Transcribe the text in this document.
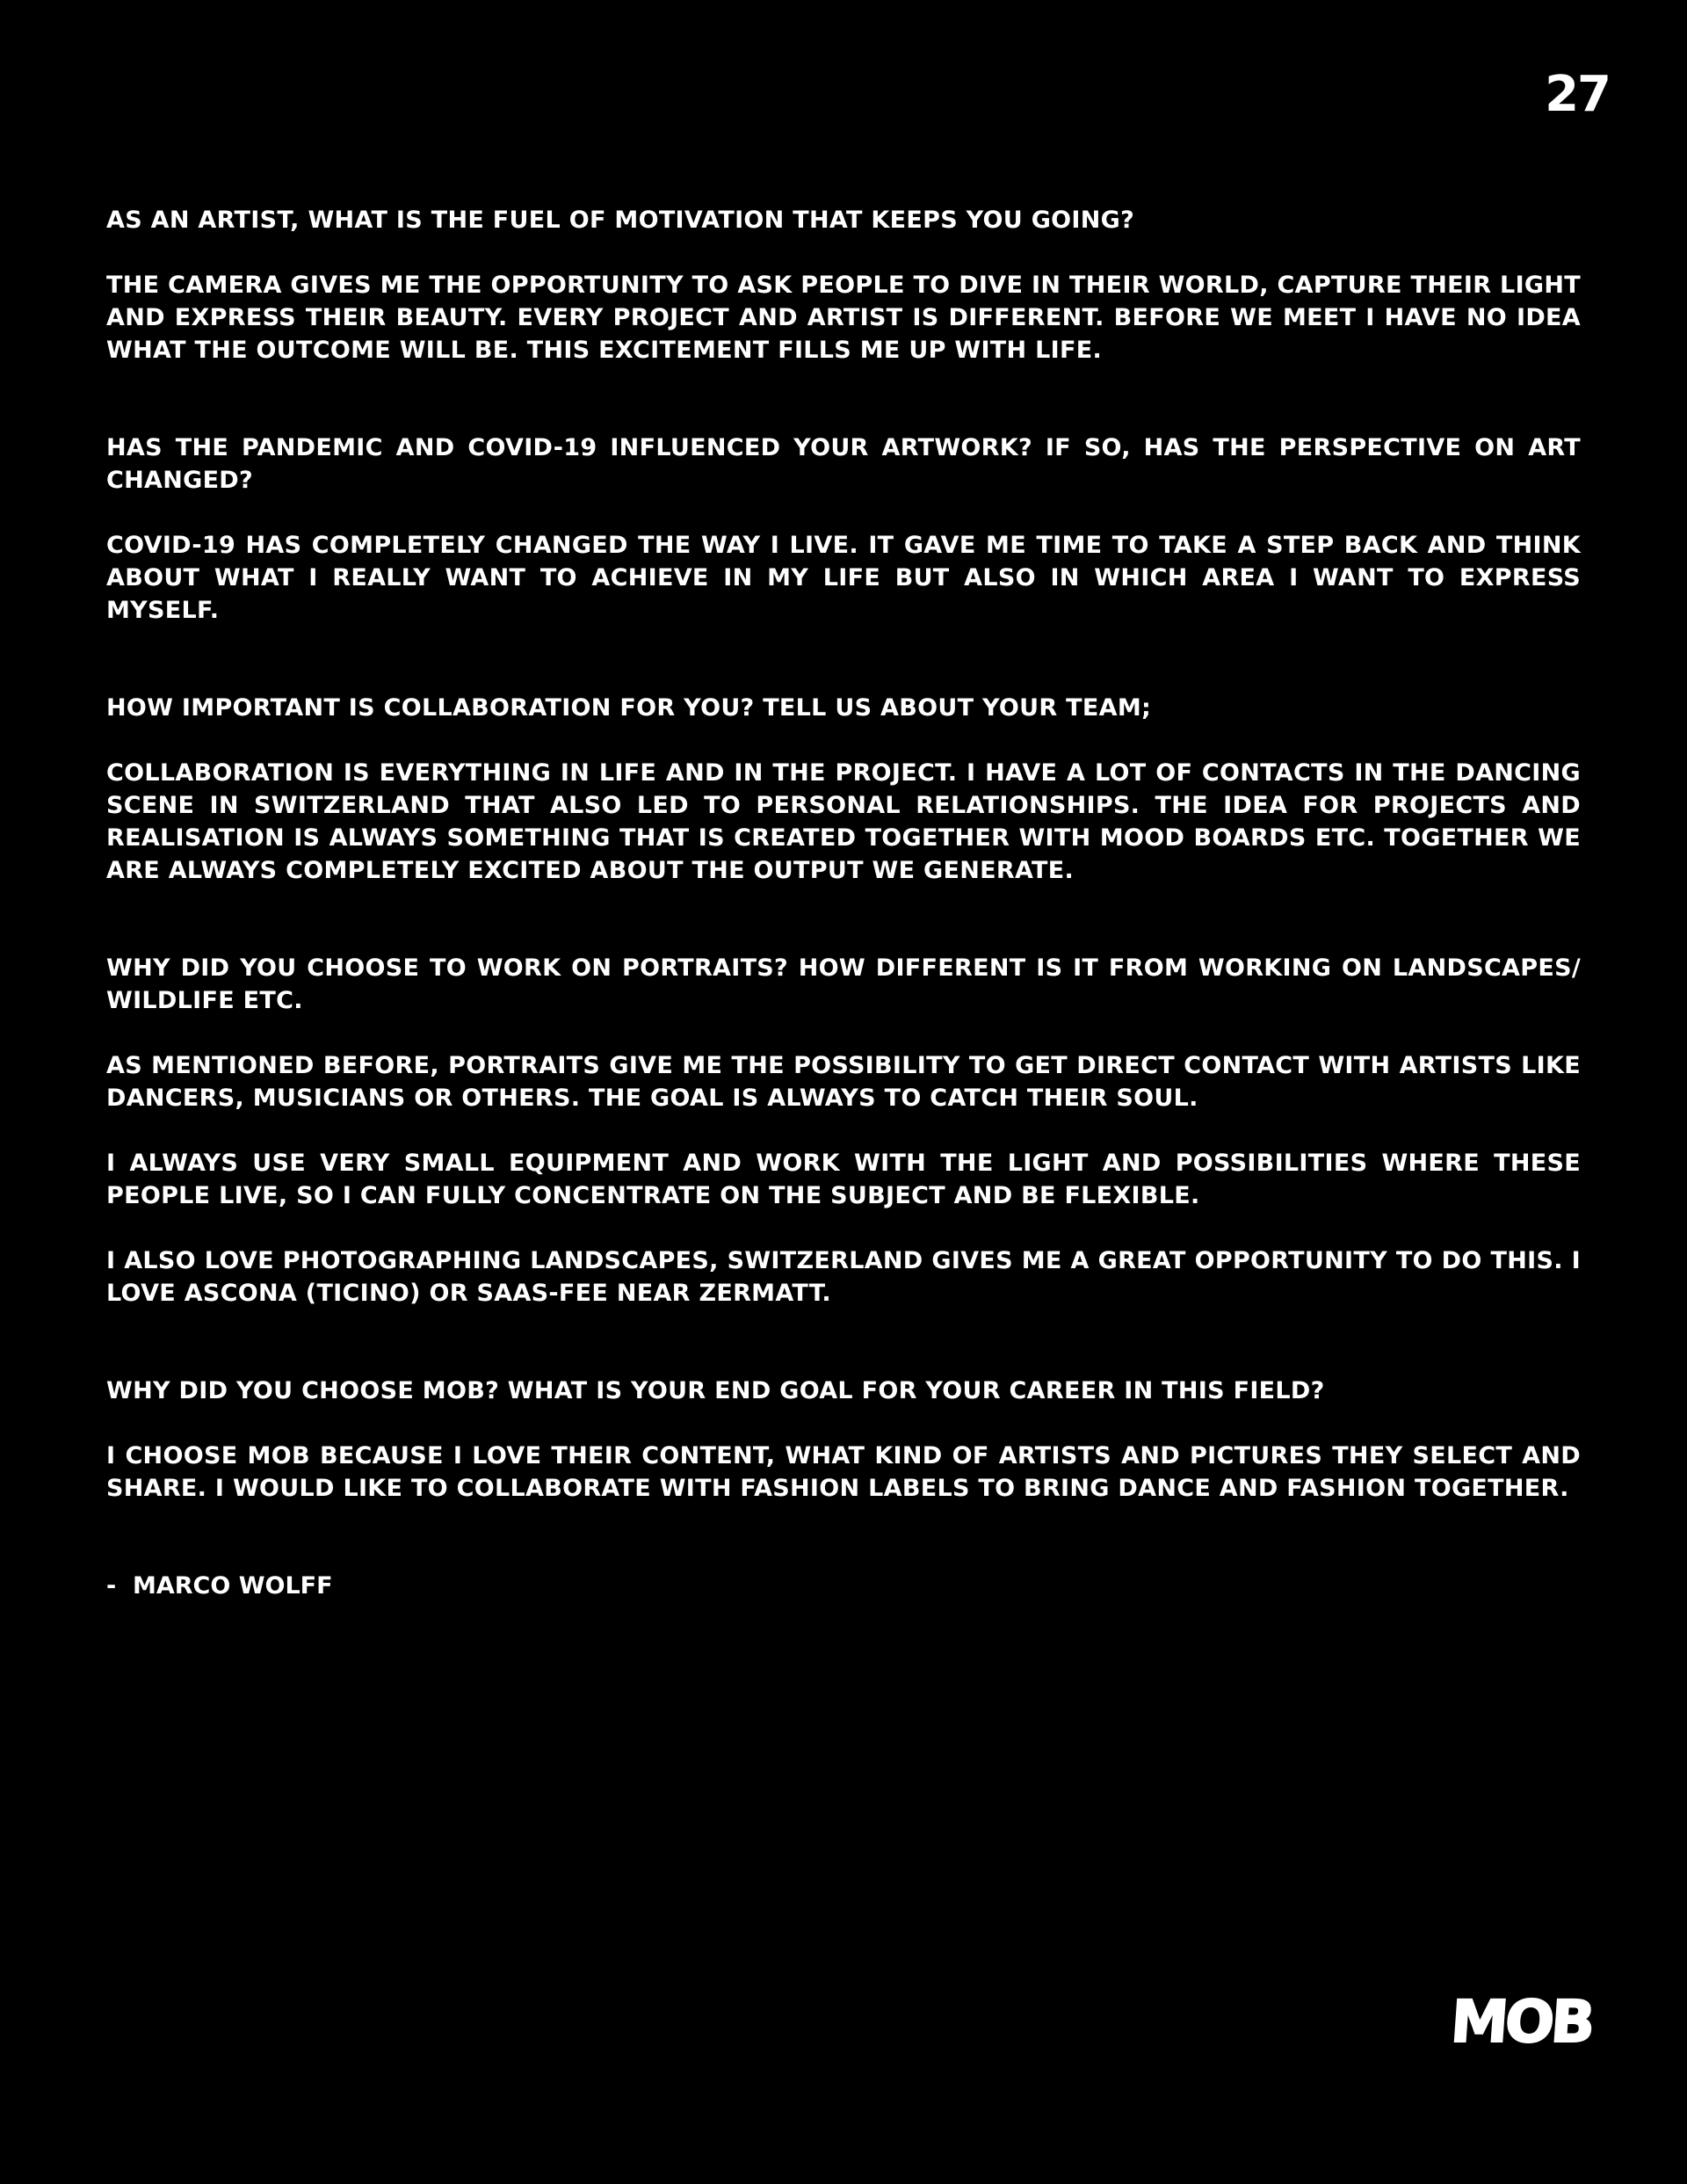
27

AS AN ARTIST, WHAT IS THE FUEL OF MOTIVATION THAT KEEPS YOU GOING?

THE CAMERA GIVES ME THE OPPORTUNITY TO ASK PEOPLE TO DIVE IN THEIR WORLD, CAPTURE THEIR LIGHT AND EXPRESS THEIR BEAUTY. EVERY PROJECT AND ARTIST IS DIFFERENT. BEFORE WE MEET I HAVE NO IDEA WHAT THE OUTCOME WILL BE. THIS EXCITEMENT FILLS ME UP WITH LIFE.

HAS THE PANDEMIC AND COVID-19 INFLUENCED YOUR ARTWORK? IF SO, HAS THE PERSPECTIVE ON ART CHANGED?

COVID-19 HAS COMPLETELY CHANGED THE WAY I LIVE. IT GAVE ME TIME TO TAKE A STEP BACK AND THINK ABOUT WHAT I REALLY WANT TO ACHIEVE IN MY LIFE BUT ALSO IN WHICH AREA I WANT TO EXPRESS MYSELF.

HOW IMPORTANT IS COLLABORATION FOR YOU? TELL US ABOUT YOUR TEAM;

COLLABORATION IS EVERYTHING IN LIFE AND IN THE PROJECT. I HAVE A LOT OF CONTACTS IN THE DANCING SCENE IN SWITZERLAND THAT ALSO LED TO PERSONAL RELATIONSHIPS. THE IDEA FOR PROJECTS AND REALISATION IS ALWAYS SOMETHING THAT IS CREATED TOGETHER WITH MOOD BOARDS ETC. TOGETHER WE ARE ALWAYS COMPLETELY EXCITED ABOUT THE OUTPUT WE GENERATE.

WHY DID YOU CHOOSE TO WORK ON PORTRAITS? HOW DIFFERENT IS IT FROM WORKING ON LANDSCAPES/ WILDLIFE ETC.

AS MENTIONED BEFORE, PORTRAITS GIVE ME THE POSSIBILITY TO GET DIRECT CONTACT WITH ARTISTS LIKE DANCERS, MUSICIANS OR OTHERS. THE GOAL IS ALWAYS TO CATCH THEIR SOUL.

I ALWAYS USE VERY SMALL EQUIPMENT AND WORK WITH THE LIGHT AND POSSIBILITIES WHERE THESE PEOPLE LIVE, SO I CAN FULLY CONCENTRATE ON THE SUBJECT AND BE FLEXIBLE.

I ALSO LOVE PHOTOGRAPHING LANDSCAPES, SWITZERLAND GIVES ME A GREAT OPPORTUNITY TO DO THIS. I LOVE ASCONA (TICINO) OR SAAS-FEE NEAR ZERMATT.

WHY DID YOU CHOOSE MOB? WHAT IS YOUR END GOAL FOR YOUR CAREER IN THIS FIELD?

I CHOOSE MOB BECAUSE I LOVE THEIR CONTENT, WHAT KIND OF ARTISTS AND PICTURES THEY SELECT AND SHARE. I WOULD LIKE TO COLLABORATE WITH FASHION LABELS TO BRING DANCE AND FASHION TOGETHER.

-  MARCO WOLFF

MOB
